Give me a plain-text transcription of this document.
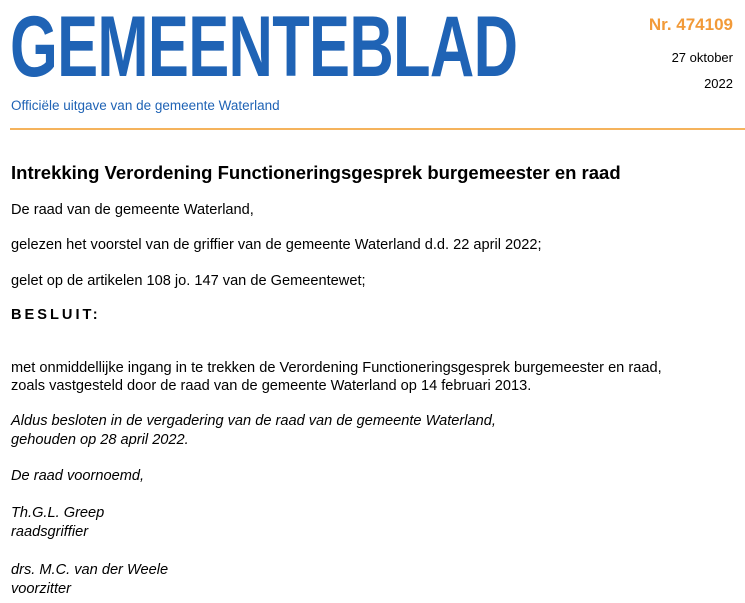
GEMEENTEBLAD
Officiële uitgave van de gemeente Waterland
Nr. 474109
27 oktober
2022
Intrekking Verordening Functioneringsgesprek burgemeester en raad
De raad van de gemeente Waterland,
gelezen het voorstel van de griffier van de gemeente Waterland d.d. 22 april 2022;
gelet op de artikelen 108 jo. 147 van de Gemeentewet;
BESLUIT:
met onmiddellijke ingang in te trekken de Verordening Functioneringsgesprek burgemeester en raad,
zoals vastgesteld door de raad van de gemeente Waterland op 14 februari 2013.
Aldus besloten in de vergadering van de raad van de gemeente Waterland,
gehouden op 28 april 2022.
De raad voornoemd,
Th.G.L. Greep
raadsgriffier
drs. M.C. van der Weele
voorzitter
